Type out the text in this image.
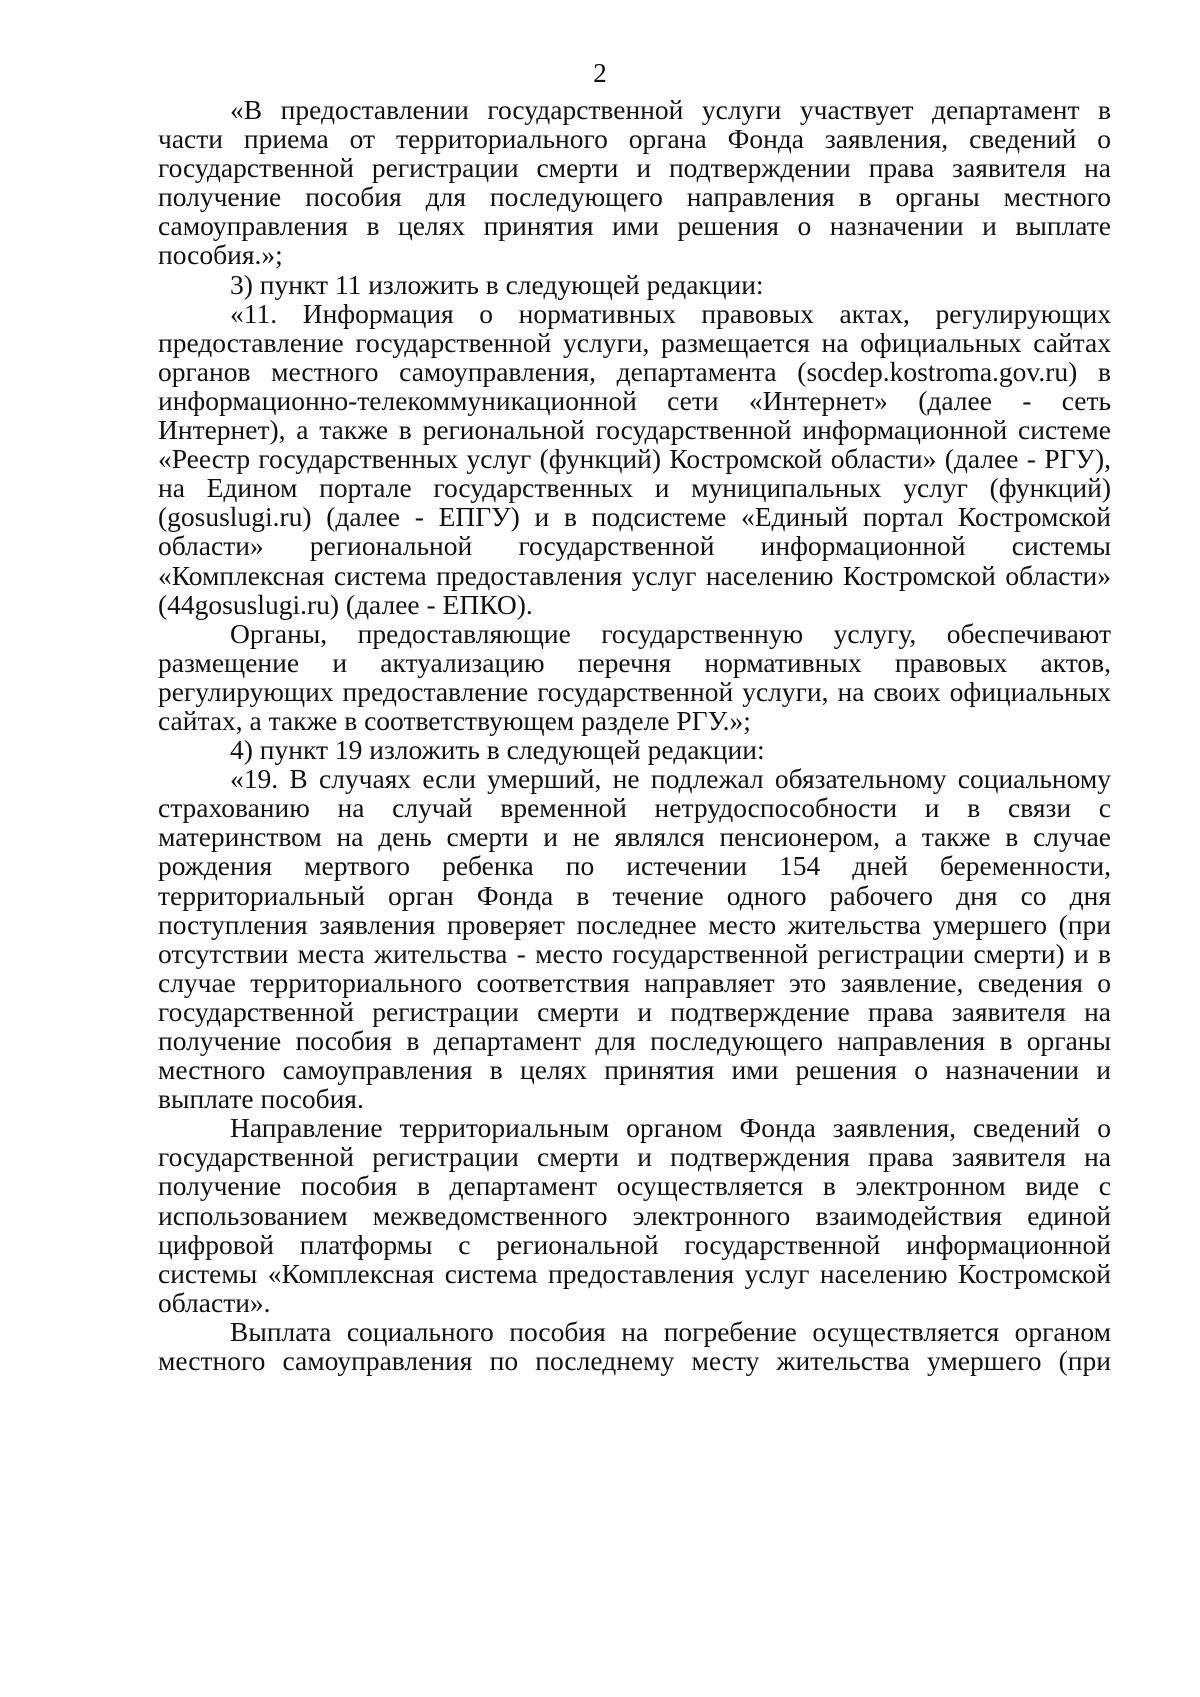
2

«В предоставлении государственной услуги участвует департамент в части приема от территориального органа Фонда заявления, сведений о государственной регистрации смерти и подтверждении права заявителя на получение пособия для последующего направления в органы местного самоуправления в целях принятия ими решения о назначении и выплате пособия.»;

3) пункт 11 изложить в следующей редакции:

«11. Информация о нормативных правовых актах, регулирующих предоставление государственной услуги, размещается на официальных сайтах органов местного самоуправления, департамента (socdep.kostroma.gov.ru) в информационно-телекоммуникационной сети «Интернет» (далее - сеть Интернет), а также в региональной государственной информационной системе «Реестр государственных услуг (функций) Костромской области» (далее - РГУ), на Едином портале государственных и муниципальных услуг (функций) (gosuslugi.ru) (далее - ЕПГУ) и в подсистеме «Единый портал Костромской области» региональной государственной информационной системы «Комплексная система предоставления услуг населению Костромской области» (44gosuslugi.ru) (далее - ЕПКО).

Органы, предоставляющие государственную услугу, обеспечивают размещение и актуализацию перечня нормативных правовых актов, регулирующих предоставление государственной услуги, на своих официальных сайтах, а также в соответствующем разделе РГУ.»;

4) пункт 19 изложить в следующей редакции:

«19. В случаях если умерший, не подлежал обязательному социальному страхованию на случай временной нетрудоспособности и в связи с материнством на день смерти и не являлся пенсионером, а также в случае рождения мертвого ребенка по истечении 154 дней беременности, территориальный орган Фонда в течение одного рабочего дня со дня поступления заявления проверяет последнее место жительства умершего (при отсутствии места жительства - место государственной регистрации смерти) и в случае территориального соответствия направляет это заявление, сведения о государственной регистрации смерти и подтверждение права заявителя на получение пособия в департамент для последующего направления в органы местного самоуправления в целях принятия ими решения о назначении и выплате пособия.

Направление территориальным органом Фонда заявления, сведений о государственной регистрации смерти и подтверждения права заявителя на получение пособия в департамент осуществляется в электронном виде с использованием межведомственного электронного взаимодействия единой цифровой платформы с региональной государственной информационной системы «Комплексная система предоставления услуг населению Костромской области».

Выплата социального пособия на погребение осуществляется органом местного самоуправления по последнему месту жительства умершего (при
